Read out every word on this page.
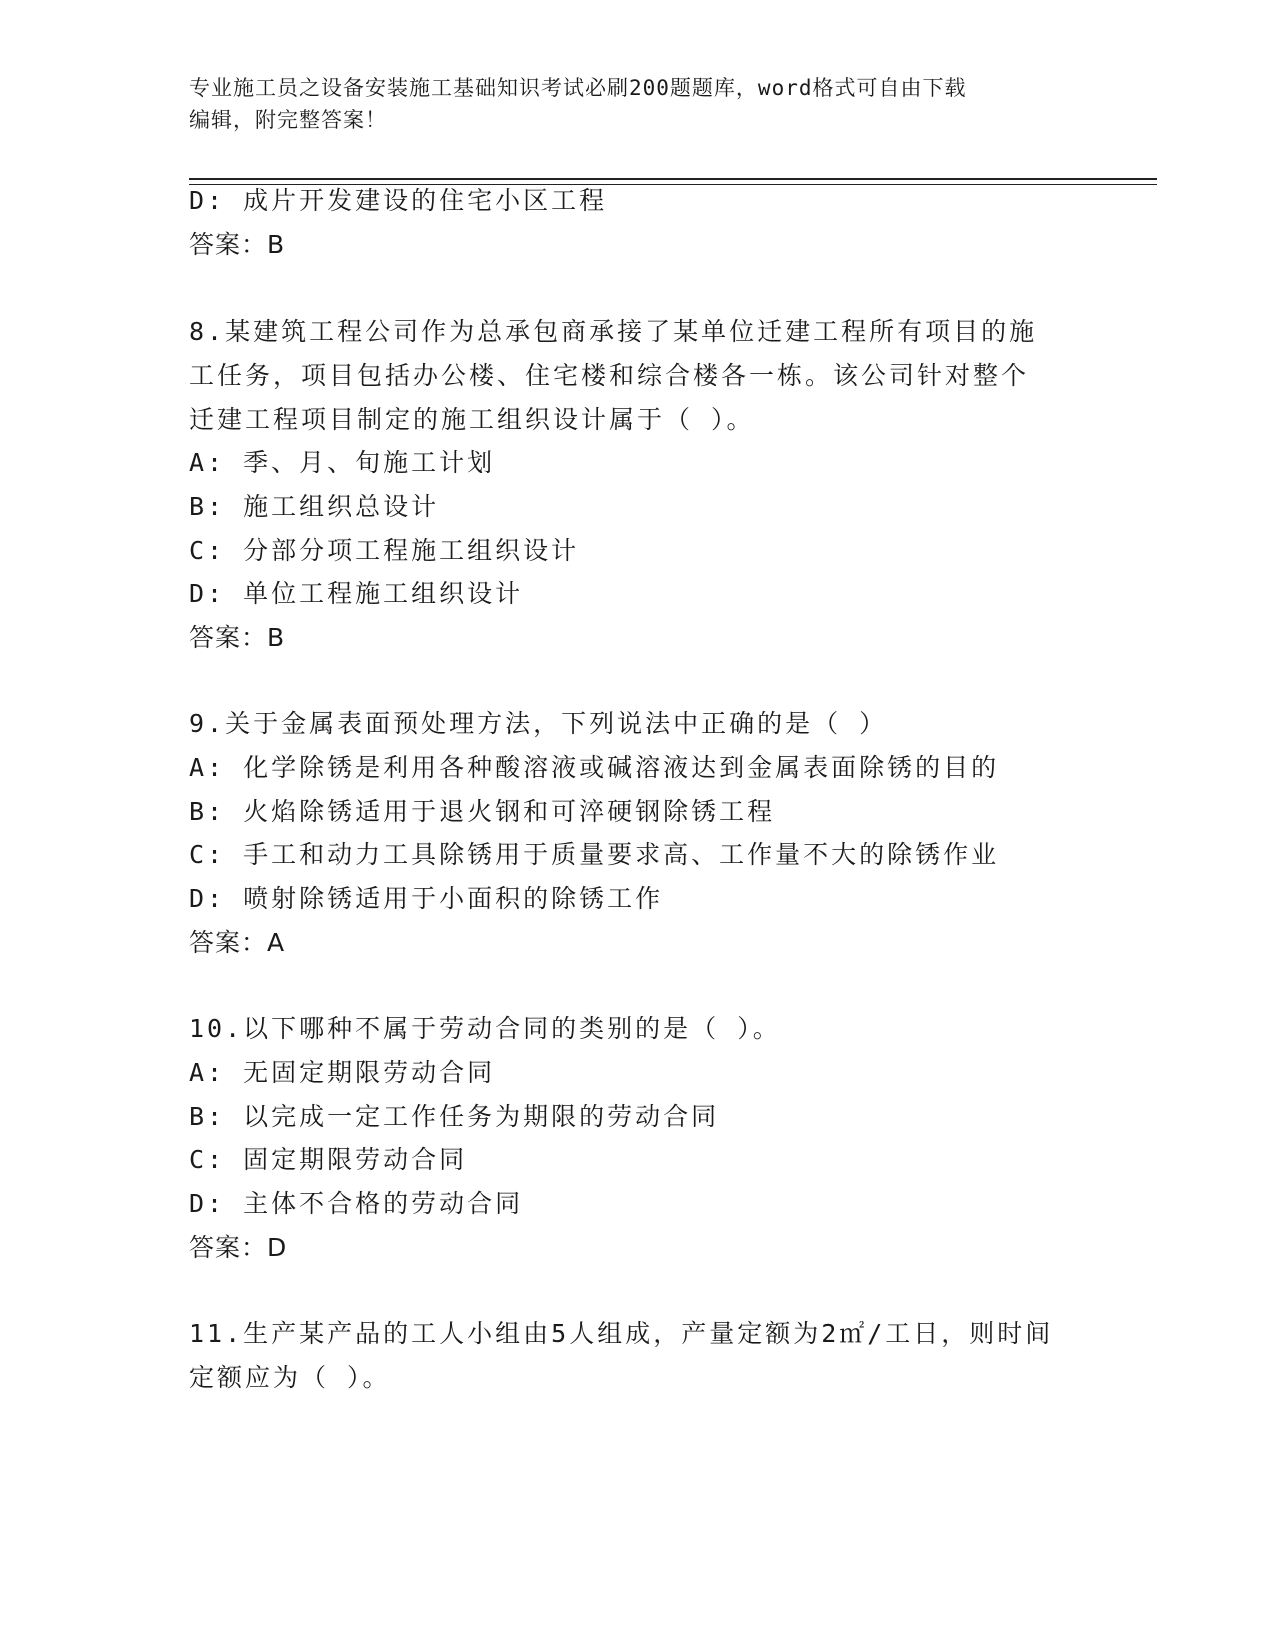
专业施工员之设备安装施工基础知识考试必刷200题题库，word格式可自由下载
编辑，附完整答案！
D: 成片开发建设的住宅小区工程
答案：B
8.某建筑工程公司作为总承包商承接了某单位迁建工程所有项目的施
工任务，项目包括办公楼、住宅楼和综合楼各一栋。该公司针对整个
迁建工程项目制定的施工组织设计属于（ ）。
A: 季、月、旬施工计划
B: 施工组织总设计
C: 分部分项工程施工组织设计
D: 单位工程施工组织设计
答案：B
9.关于金属表面预处理方法，下列说法中正确的是（ ）
A: 化学除锈是利用各种酸溶液或碱溶液达到金属表面除锈的目的
B: 火焰除锈适用于退火钢和可淬硬钢除锈工程
C: 手工和动力工具除锈用于质量要求高、工作量不大的除锈作业
D: 喷射除锈适用于小面积的除锈工作
答案：A
10.以下哪种不属于劳动合同的类别的是（ ）。
A: 无固定期限劳动合同
B: 以完成一定工作任务为期限的劳动合同
C: 固定期限劳动合同
D: 主体不合格的劳动合同
答案：D
11.生产某产品的工人小组由5人组成，产量定额为2㎡/工日，则时间
定额应为（ ）。
